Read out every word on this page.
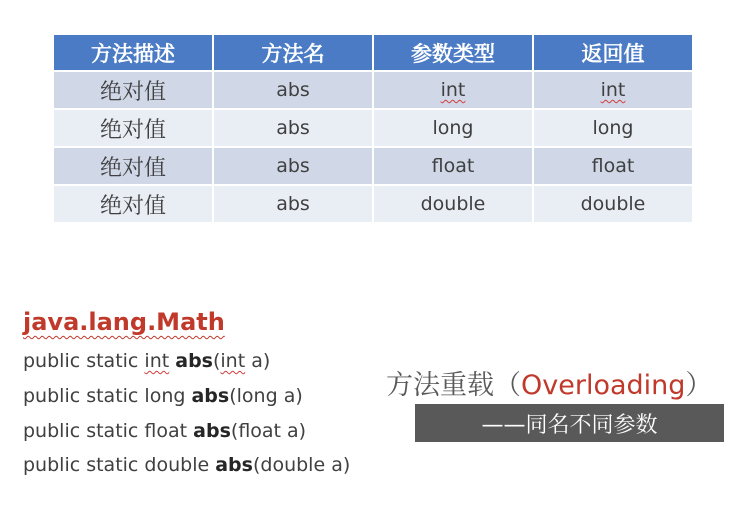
方法描述	方法名	参数类型	返回值
绝对值	abs	int	int
绝对值	abs	long	long
绝对值	abs	float	float
绝对值	abs	double	double
java.lang.Math
public static int abs(int a)
public static long abs(long a)
public static float abs(float a)
public static double abs(double a)
方法重载（Overloading）
——同名不同参数
